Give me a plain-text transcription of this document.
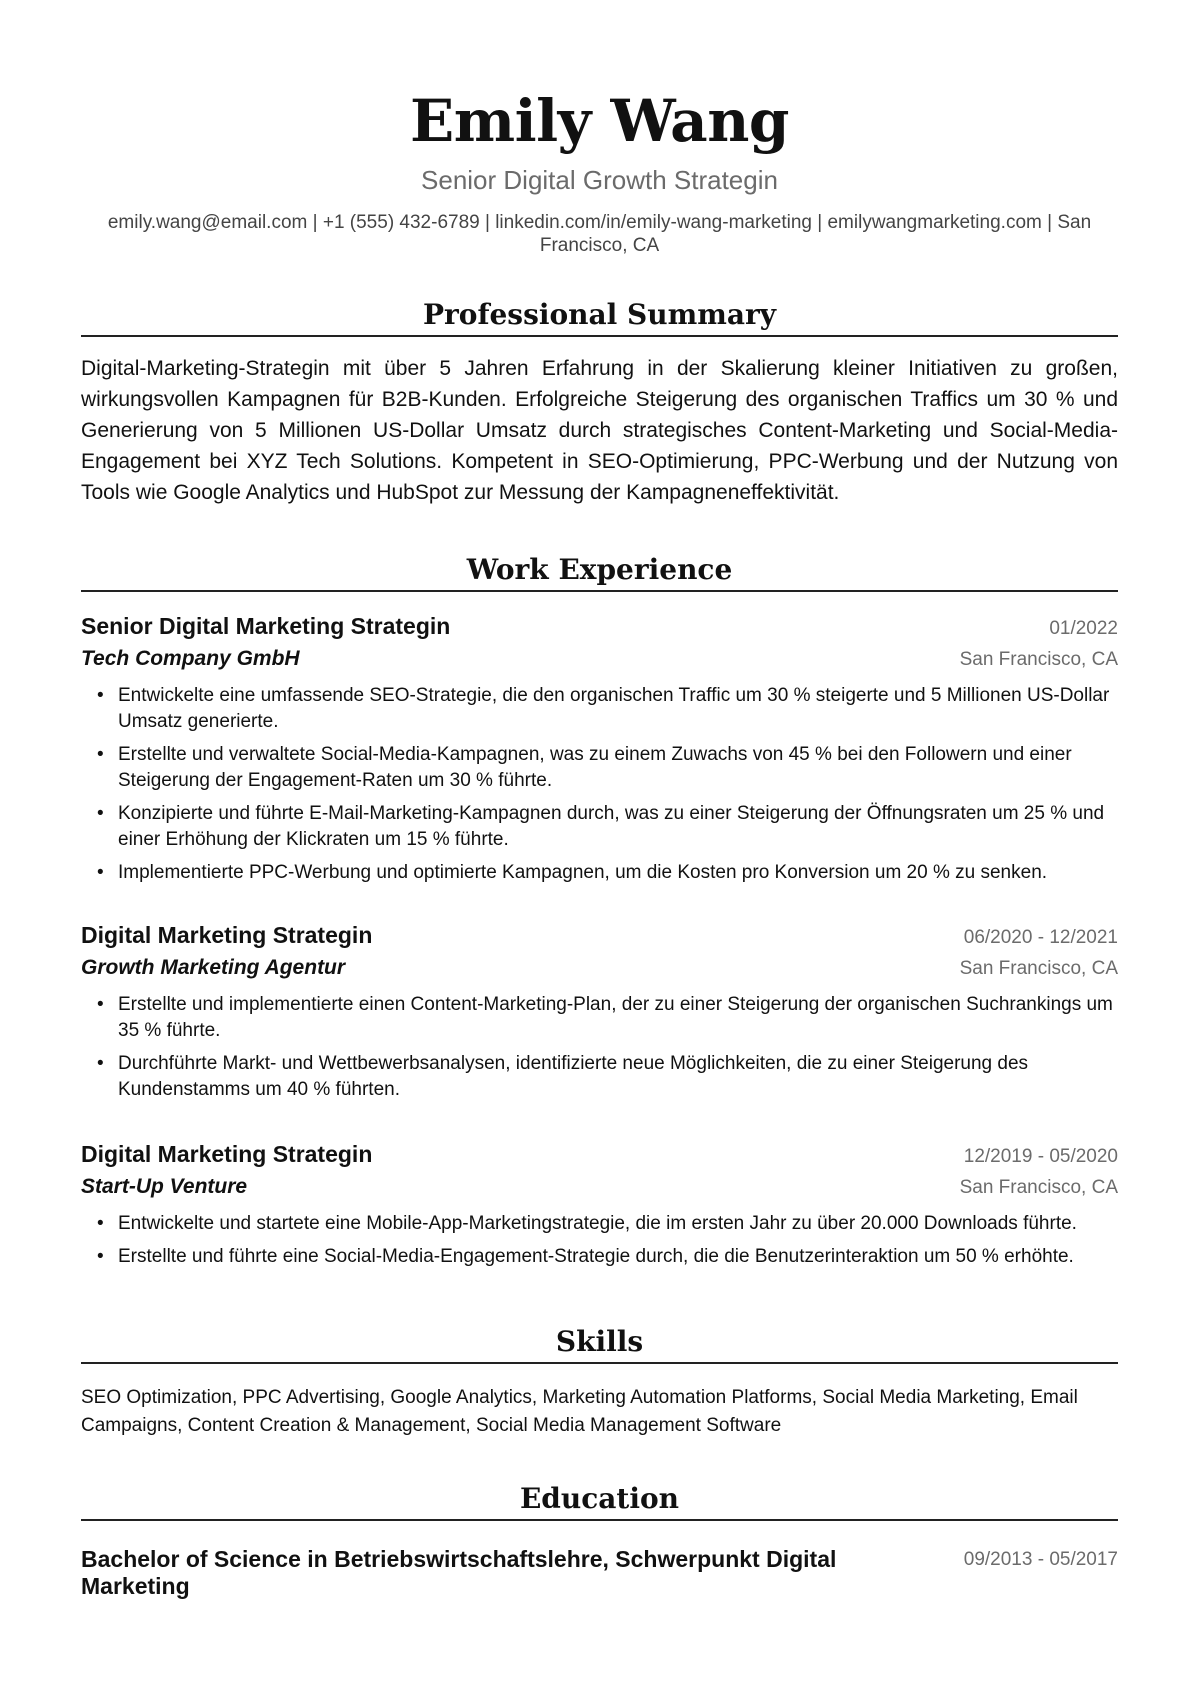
Emily Wang
Senior Digital Growth Strategin
emily.wang@email.com | +1 (555) 432-6789 | linkedin.com/in/emily-wang-marketing | emilywangmarketing.com | San Francisco, CA
Professional Summary
Digital-Marketing-Strategin mit über 5 Jahren Erfahrung in der Skalierung kleiner Initiativen zu großen, wirkungsvollen Kampagnen für B2B-Kunden. Erfolgreiche Steigerung des organischen Traffics um 30 % und Generierung von 5 Millionen US-Dollar Umsatz durch strategisches Content-Marketing und Social-Media-Engagement bei XYZ Tech Solutions. Kompetent in SEO-Optimierung, PPC-Werbung und der Nutzung von Tools wie Google Analytics und HubSpot zur Messung der Kampagneneffektivität.
Work Experience
Senior Digital Marketing Strategin	01/2022
Tech Company GmbH	San Francisco, CA
• Entwickelte eine umfassende SEO-Strategie, die den organischen Traffic um 30 % steigerte und 5 Millionen US-Dollar Umsatz generierte.
• Erstellte und verwaltete Social-Media-Kampagnen, was zu einem Zuwachs von 45 % bei den Followern und einer Steigerung der Engagement-Raten um 30 % führte.
• Konzipierte und führte E-Mail-Marketing-Kampagnen durch, was zu einer Steigerung der Öffnungsraten um 25 % und einer Erhöhung der Klickraten um 15 % führte.
• Implementierte PPC-Werbung und optimierte Kampagnen, um die Kosten pro Konversion um 20 % zu senken.
Digital Marketing Strategin	06/2020 - 12/2021
Growth Marketing Agentur	San Francisco, CA
• Erstellte und implementierte einen Content-Marketing-Plan, der zu einer Steigerung der organischen Suchrankings um 35 % führte.
• Durchführte Markt- und Wettbewerbsanalysen, identifizierte neue Möglichkeiten, die zu einer Steigerung des Kundenstamms um 40 % führten.
Digital Marketing Strategin	12/2019 - 05/2020
Start-Up Venture	San Francisco, CA
• Entwickelte und startete eine Mobile-App-Marketingstrategie, die im ersten Jahr zu über 20.000 Downloads führte.
• Erstellte und führte eine Social-Media-Engagement-Strategie durch, die die Benutzerinteraktion um 50 % erhöhte.
Skills
SEO Optimization, PPC Advertising, Google Analytics, Marketing Automation Platforms, Social Media Marketing, Email Campaigns, Content Creation & Management, Social Media Management Software
Education
Bachelor of Science in Betriebswirtschaftslehre, Schwerpunkt Digital Marketing
09/2013 - 05/2017
